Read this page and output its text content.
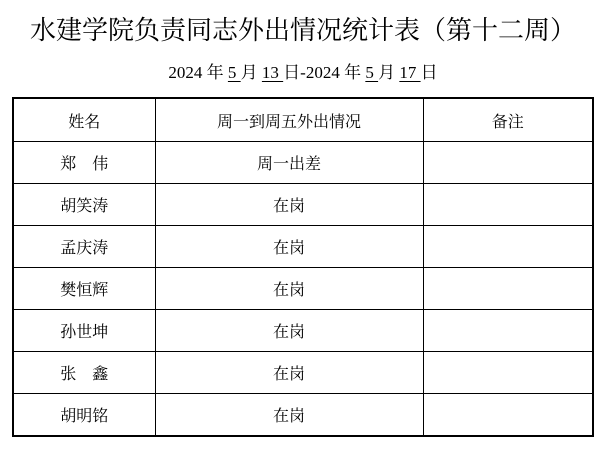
水建学院负责同志外出情况统计表（第十二周）
2024 年 5 月 13 日-2024 年 5 月 17 日
姓名	周一到周五外出情况	备注
郑　伟	周一出差	
胡笑涛	在岗	
孟庆涛	在岗	
樊恒辉	在岗	
孙世坤	在岗	
张　鑫	在岗	
胡明铭	在岗	
